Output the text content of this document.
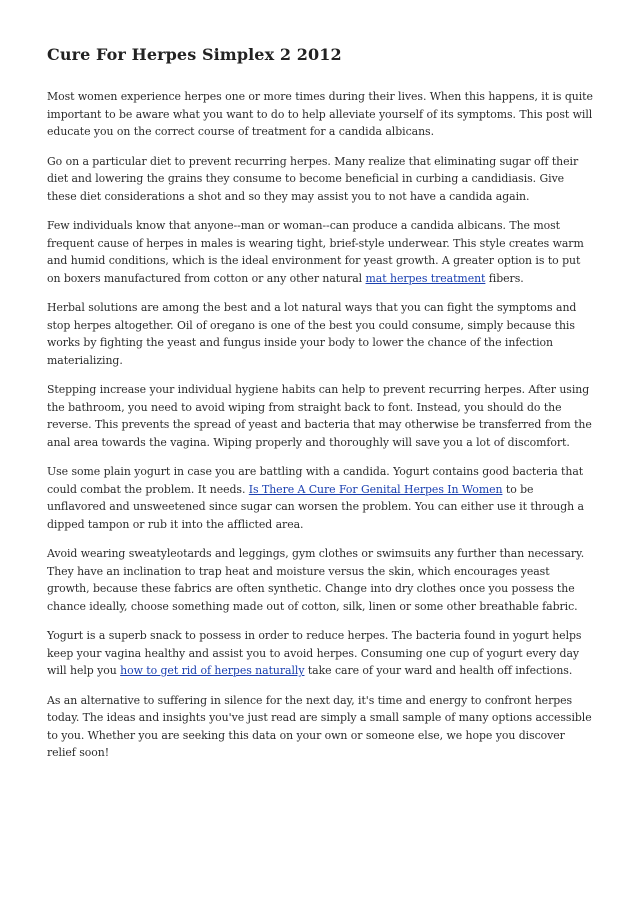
Cure For Herpes Simplex 2 2012

Most women experience herpes one or more times during their lives. When this happens, it is quite important to be aware what you want to do to help alleviate yourself of its symptoms. This post will educate you on the correct course of treatment for a candida albicans.

Go on a particular diet to prevent recurring herpes. Many realize that eliminating sugar off their diet and lowering the grains they consume to become beneficial in curbing a candidiasis. Give these diet considerations a shot and so they may assist you to not have a candida again.

Few individuals know that anyone--man or woman--can produce a candida albicans. The most frequent cause of herpes in males is wearing tight, brief-style underwear. This style creates warm and humid conditions, which is the ideal environment for yeast growth. A greater option is to put on boxers manufactured from cotton or any other natural mat herpes treatment fibers.

Herbal solutions are among the best and a lot natural ways that you can fight the symptoms and stop herpes altogether. Oil of oregano is one of the best you could consume, simply because this works by fighting the yeast and fungus inside your body to lower the chance of the infection materializing.

Stepping increase your individual hygiene habits can help to prevent recurring herpes. After using the bathroom, you need to avoid wiping from straight back to font. Instead, you should do the reverse. This prevents the spread of yeast and bacteria that may otherwise be transferred from the anal area towards the vagina. Wiping properly and thoroughly will save you a lot of discomfort.

Use some plain yogurt in case you are battling with a candida. Yogurt contains good bacteria that could combat the problem. It needs. Is There A Cure For Genital Herpes In Women to be unflavored and unsweetened since sugar can worsen the problem. You can either use it through a dipped tampon or rub it into the afflicted area.

Avoid wearing sweatyleotards and leggings, gym clothes or swimsuits any further than necessary. They have an inclination to trap heat and moisture versus the skin, which encourages yeast growth, because these fabrics are often synthetic. Change into dry clothes once you possess the chance ideally, choose something made out of cotton, silk, linen or some other breathable fabric.

Yogurt is a superb snack to possess in order to reduce herpes. The bacteria found in yogurt helps keep your vagina healthy and assist you to avoid herpes. Consuming one cup of yogurt every day will help you how to get rid of herpes naturally take care of your ward and health off infections.

As an alternative to suffering in silence for the next day, it's time and energy to confront herpes today. The ideas and insights you've just read are simply a small sample of many options accessible to you. Whether you are seeking this data on your own or someone else, we hope you discover relief soon!
